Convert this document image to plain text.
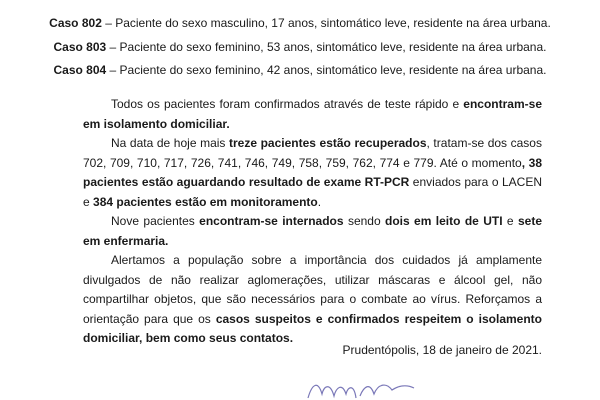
Caso 802 – Paciente do sexo masculino, 17 anos, sintomático leve, residente na área urbana.
Caso 803 – Paciente do sexo feminino, 53 anos, sintomático leve, residente na área urbana.
Caso 804 – Paciente do sexo feminino, 42 anos, sintomático leve, residente na área urbana.

Todos os pacientes foram confirmados através de teste rápido e encontram-se em isolamento domiciliar.

Na data de hoje mais treze pacientes estão recuperados, tratam-se dos casos 702, 709, 710, 717, 726, 741, 746, 749, 758, 759, 762, 774 e 779. Até o momento, 38 pacientes estão aguardando resultado de exame RT-PCR enviados para o LACEN e 384 pacientes estão em monitoramento.

Nove pacientes encontram-se internados sendo dois em leito de UTI e sete em enfermaria.

Alertamos a população sobre a importância dos cuidados já amplamente divulgados de não realizar aglomerações, utilizar máscaras e álcool gel, não compartilhar objetos, que são necessários para o combate ao vírus. Reforçamos a orientação para que os casos suspeitos e confirmados respeitem o isolamento domiciliar, bem como seus contatos.

Prudentópolis, 18 de janeiro de 2021.
